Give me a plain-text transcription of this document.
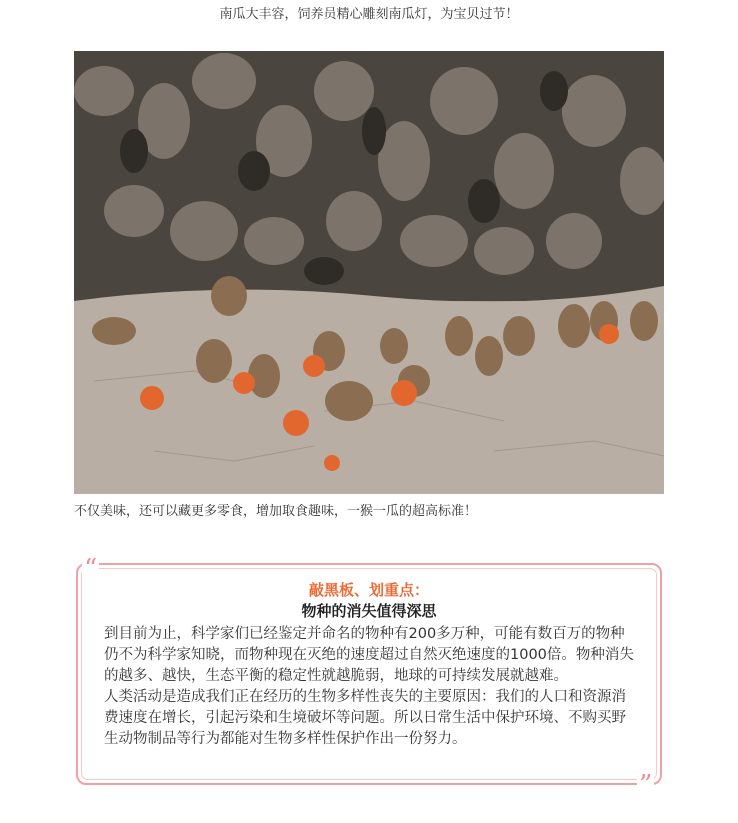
南瓜大丰容，饲养员精心雕刻南瓜灯，为宝贝过节！
不仅美味，还可以藏更多零食，增加取食趣味，一猴一瓜的超高标准！
“
”
敲黑板、划重点：
物种的消失值得深思

到目前为止，科学家们已经鉴定并命名的物种有200多万种，可能有数百万的物种仍不为科学家知晓，而物种现在灭绝的速度超过自然灭绝速度的1000倍。物种消失的越多、越快，生态平衡的稳定性就越脆弱，地球的可持续发展就越难。

人类活动是造成我们正在经历的生物多样性丧失的主要原因：我们的人口和资源消费速度在增长，引起污染和生境破坏等问题。所以日常生活中保护环境、不购买野生动物制品等行为都能对生物多样性保护作出一份努力。
